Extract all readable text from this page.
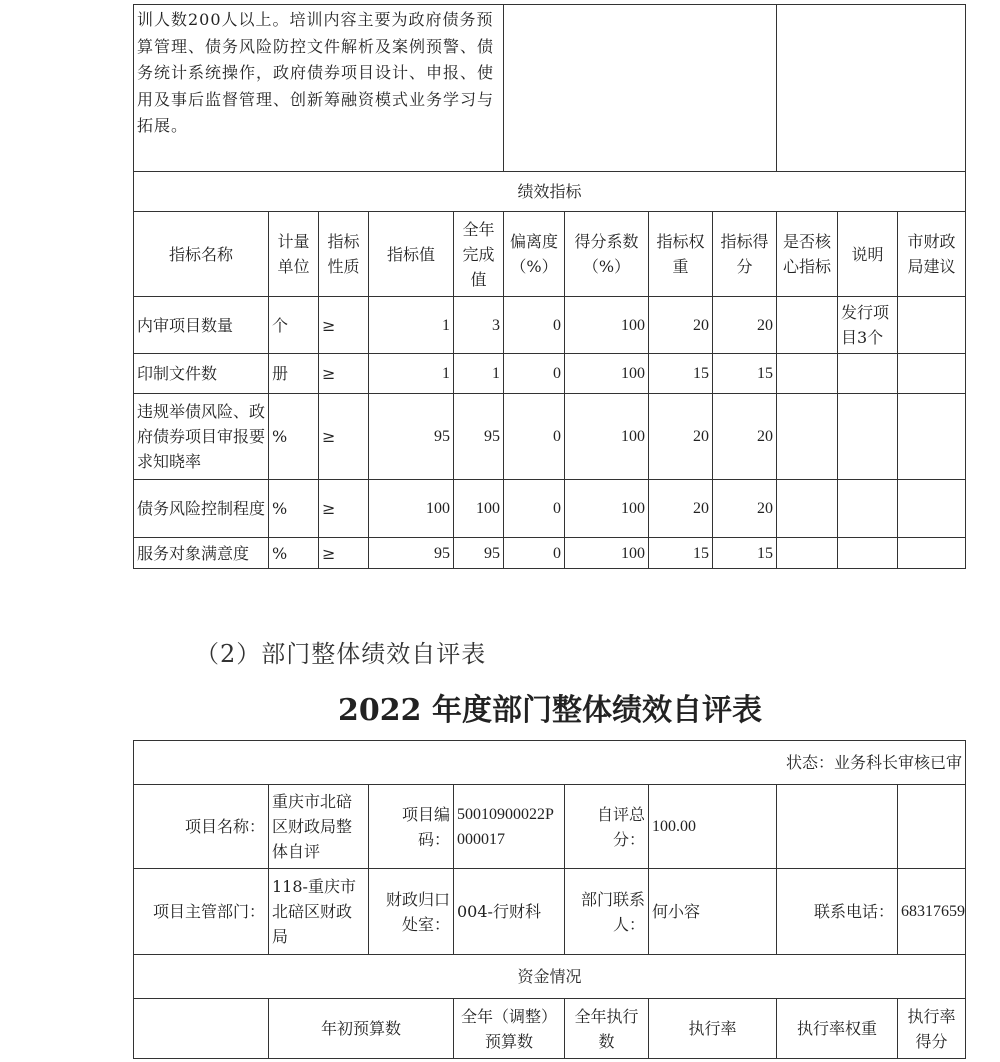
训人数200人以上。培训内容主要为政府债务预算管理、债务风险防控文件解析及案例预警、债务统计系统操作，政府债券项目设计、申报、使用及事后监督管理、创新筹融资模式业务学习与拓展。											
绩效指标											
指标名称	计量单位	指标性质	指标值	全年完成值	偏离度（%）	得分系数（%）	指标权重	指标得分	是否核心指标	说明	市财政局建议
内审项目数量	个	≥	1	3	0	100	20	20		发行项目3个	
印制文件数	册	≥	1	1	0	100	15	15			
违规举债风险、政府债券项目审报要求知晓率	%	≥	95	95	0	100	20	20			
债务风险控制程度	%	≥	100	100	0	100	20	20			
服务对象满意度	%	≥	95	95	0	100	15	15			
（2）部门整体绩效自评表
2022 年度部门整体绩效自评表
状态：业务科长审核已审							
项目名称：	重庆市北碚区财政局整体自评	项目编码：	50010900022P000017	自评总分：	100.00		
项目主管部门：	118-重庆市北碚区财政局	财政归口处室：	004-行财科	部门联系人：	何小容	联系电话：	68317659
资金情况							
	年初预算数		全年（调整）预算数	全年执行数	执行率	执行率权重	执行率得分
